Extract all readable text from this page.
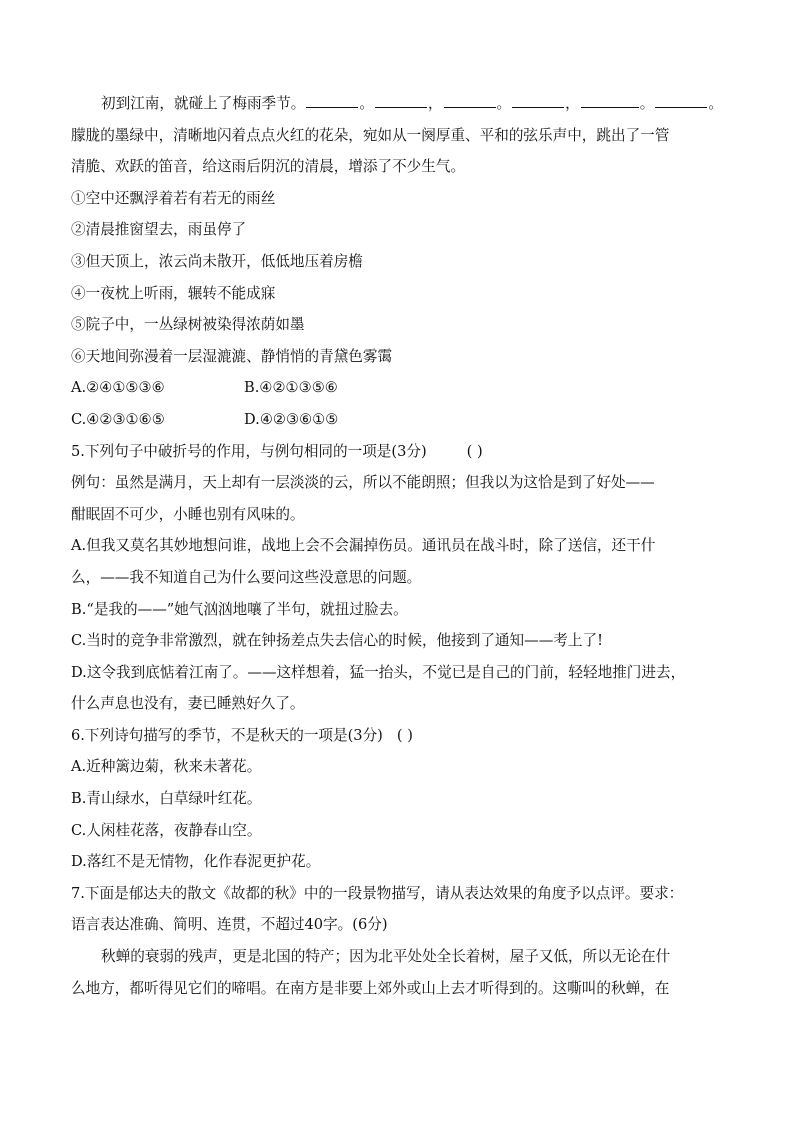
初到江南，就碰上了梅雨季节。	。	，	。	，	。	。
朦胧的墨绿中，清晰地闪着点点火红的花朵，宛如从一阕厚重、平和的弦乐声中，跳出了一管
清脆、欢跃的笛音，给这雨后阴沉的清晨，增添了不少生气。
①空中还飘浮着若有若无的雨丝
②清晨推窗望去，雨虽停了
③但天顶上，浓云尚未散开，低低地压着房檐
④一夜枕上听雨，辗转不能成寐
⑤院子中，一丛绿树被染得浓荫如墨
⑥天地间弥漫着一层湿漉漉、静悄悄的青黛色雾霭
A.②④①⑤③⑥	B.④②①③⑤⑥
C.④②③①⑥⑤	D.④②③⑥①⑤
5.下列句子中破折号的作用，与例句相同的一项是(3分)	( )
例句：虽然是满月，天上却有一层淡淡的云，所以不能朗照；但我以为这恰是到了好处——
酣眠固不可少，小睡也别有风味的。
A.但我又莫名其妙地想问谁，战地上会不会漏掉伤员。通讯员在战斗时，除了送信，还干什
么，——我不知道自己为什么要问这些没意思的问题。
B.“是我的——”她气汹汹地嚷了半句，就扭过脸去。
C.当时的竞争非常激烈，就在钟扬差点失去信心的时候，他接到了通知——考上了!
D.这令我到底惦着江南了。——这样想着，猛一抬头，不觉已是自己的门前，轻轻地推门进去，
什么声息也没有，妻已睡熟好久了。
6.下列诗句描写的季节，不是秋天的一项是(3分) ( )
A.近种篱边菊，秋来未著花。
B.青山绿水，白草绿叶红花。
C.人闲桂花落，夜静春山空。
D.落红不是无情物，化作春泥更护花。
7.下面是郁达夫的散文《故都的秋》中的一段景物描写，请从表达效果的角度予以点评。要求：
语言表达准确、简明、连贯，不超过40字。(6分)
秋蝉的衰弱的残声，更是北国的特产；因为北平处处全长着树，屋子又低，所以无论在什
么地方，都听得见它们的啼唱。在南方是非要上郊外或山上去才听得到的。这嘶叫的秋蝉，在
